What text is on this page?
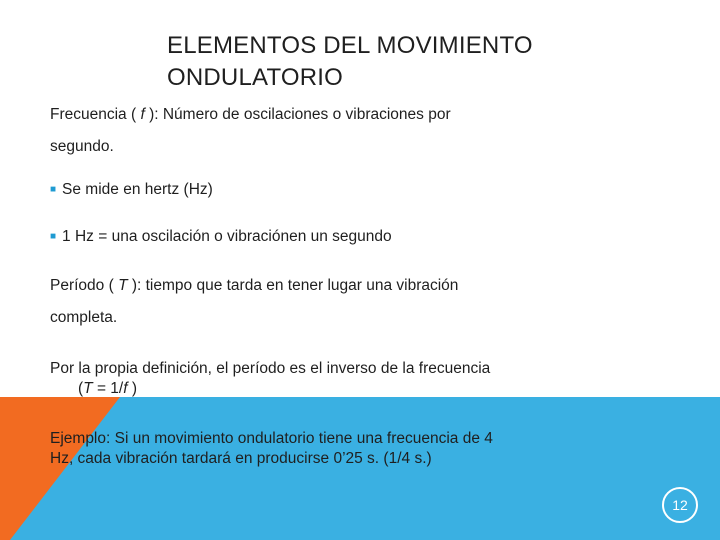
ELEMENTOS DEL MOVIMIENTO
ONDULATORIO
Frecuencia ( f ): Número de oscilaciones o vibraciones por
segundo.
■ Se mide en hertz (Hz)
■ 1 Hz = una oscilación o vibraciónen un segundo
Período ( T ): tiempo que tarda en tener lugar una vibración
completa.
Por la propia definición, el período es el inverso de la frecuencia
(T = 1/f )
Ejemplo: Si un movimiento ondulatorio tiene una frecuencia de 4
Hz, cada vibración tardará en producirse 0’25 s. (1/4 s.)
12
